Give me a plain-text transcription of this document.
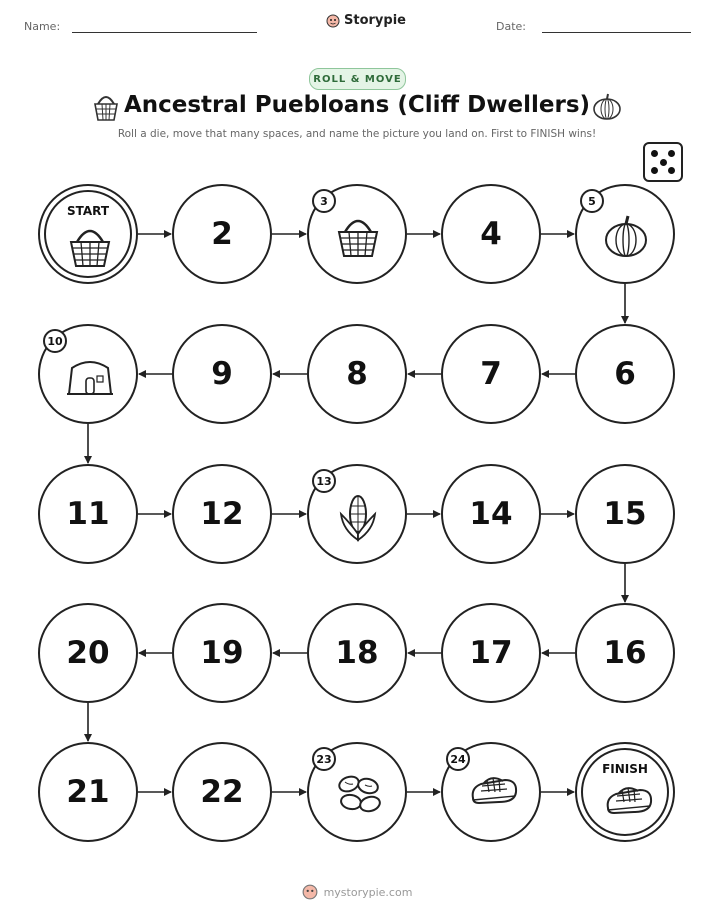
Name:	Storypie	Date:
ROLL & MOVE
Ancestral Puebloans (Cliff Dwellers)
Roll a die, move that many spaces, and name the picture you land on. First to FINISH wins!
START
2
3
4
5
6
7
8
9
10
11	12
13
14	15
16
17
18
19
20
21	22
23	24
FINISH
mystorypie.com
